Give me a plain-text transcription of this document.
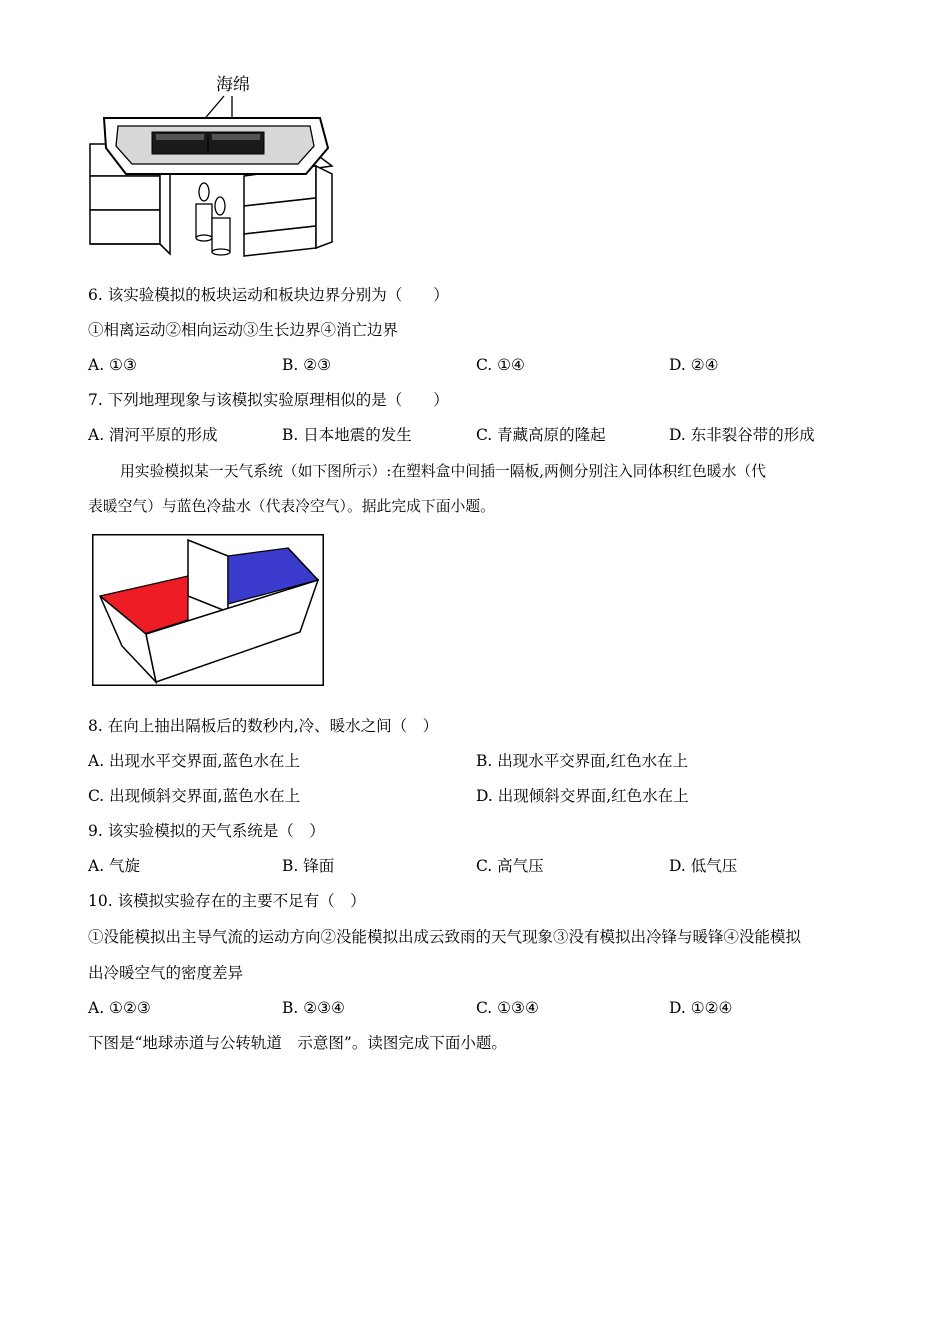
海绵
6. 该实验模拟的板块运动和板块边界分别为（　　）
①相离运动②相向运动③生长边界④消亡边界
A. ①③	B. ②③	C. ①④	D. ②④
7. 下列地理现象与该模拟实验原理相似的是（　　）
A. 渭河平原的形成	B. 日本地震的发生	C. 青藏高原的隆起	D. 东非裂谷带的形成
用实验模拟某一天气系统（如下图所示）:在塑料盒中间插一隔板,两侧分别注入同体积红色暖水（代
表暖空气）与蓝色冷盐水（代表冷空气）。据此完成下面小题。
8. 在向上抽出隔板后的数秒内,冷、暖水之间（　）
A. 出现水平交界面,蓝色水在上	B. 出现水平交界面,红色水在上
C. 出现倾斜交界面,蓝色水在上	D. 出现倾斜交界面,红色水在上
9. 该实验模拟的天气系统是（　）
A. 气旋	B. 锋面	C. 高气压	D. 低气压
10. 该模拟实验存在的主要不足有（　）
①没能模拟出主导气流的运动方向②没能模拟出成云致雨的天气现象③没有模拟出冷锋与暖锋④没能模拟
出冷暖空气的密度差异
A. ①②③	B. ②③④	C. ①③④	D. ①②④
下图是“地球赤道与公转轨道　示意图”。读图完成下面小题。
